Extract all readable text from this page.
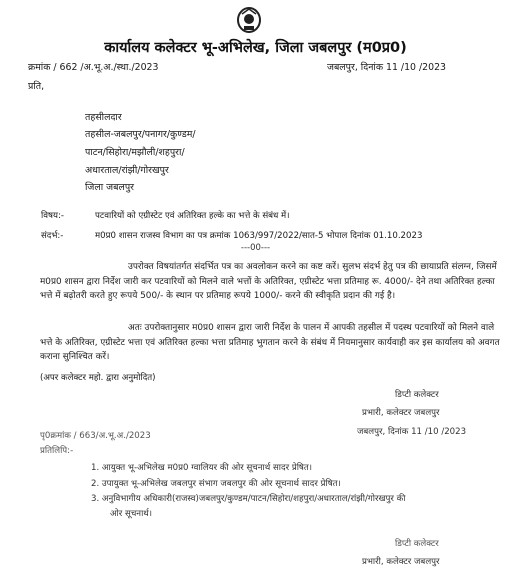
कार्यालय कलेक्टर भू-अभिलेख, जिला जबलपुर (म0प्र0)
क्रमांक / 662 /अ.भू.अ./स्था./2023	जबलपुर, दिनांक 11 /10 /2023
प्रति,
तहसीलदार
तहसील-जबलपुर/पनागर/कुण्डम/
पाटन/सिहोरा/मझौली/शहपुरा/
अधारताल/रांझी/गोरखपुर
जिला जबलपुर
विषय:-	पटवारियों को एग्रीस्टेट एवं अतिरिक्त हल्के का भत्ते के संबंध में।
संदर्भ:-	म0प्र0 शासन राजस्व विभाग का पत्र क्रमांक 1063/997/2022/सात-5 भोपाल दिनांक 01.10.2023
---00---
उपरोक्त विषयांतर्गत संदर्भित पत्र का अवलोकन करने का कष्ट करें। सुलभ संदर्भ हेतु पत्र की छायाप्रति संलग्न, जिसमें म0प्र0 शासन द्वारा निर्देश जारी कर पटवारियों को मिलने वाले भत्तों के अतिरिक्त, एग्रीस्टेट भत्ता प्रतिमाह रू. 4000/- देने तथा अतिरिक्त हल्का भत्ते में बढ़ोतरी करते हुए रूपये 500/- के स्थान पर प्रतिमाह रूपये 1000/- करने की स्वीकृति प्रदान की गई है।
अतः उपरोक्तानुसार म0प्र0 शासन द्वारा जारी निर्देश के पालन में आपकी तहसील में पदस्थ पटवारियों को मिलने वाले भत्ते के अतिरिक्त, एग्रीस्टेट भत्ता एवं अतिरिक्त हल्का भत्ता प्रतिमाह भुगतान करने के संबंध में नियमानुसार कार्यवाही कर इस कार्यालय को अवगत कराना सुनिश्चित करें।
(अपर कलेक्टर महो. द्वारा अनुमोदित)
डिप्टी कलेक्टर
प्रभारी, कलेक्टर जबलपुर
जबलपुर, दिनांक 11 /10 /2023
पृ0क्रमांक / 663/अ.भू.अ./2023
प्रतिलिपि:-
1. आयुक्त भू-अभिलेख म0प्र0 ग्वालियर की ओर सूचनार्थ सादर प्रेषित।
2. उपायुक्त भू-अभिलेख जबलपुर संभाग जबलपुर की ओर सूचनार्थ सादर प्रेषित।
3. अनुविभागीय अधिकारी(राजस्व)जबलपुर/कुण्डम/पाटन/सिहोरा/शहपुरा/अधारताल/रांझी/गोरखपुर की
ओर सूचनार्थ।
डिप्टी कलेक्टर
प्रभारी, कलेक्टर जबलपुर
